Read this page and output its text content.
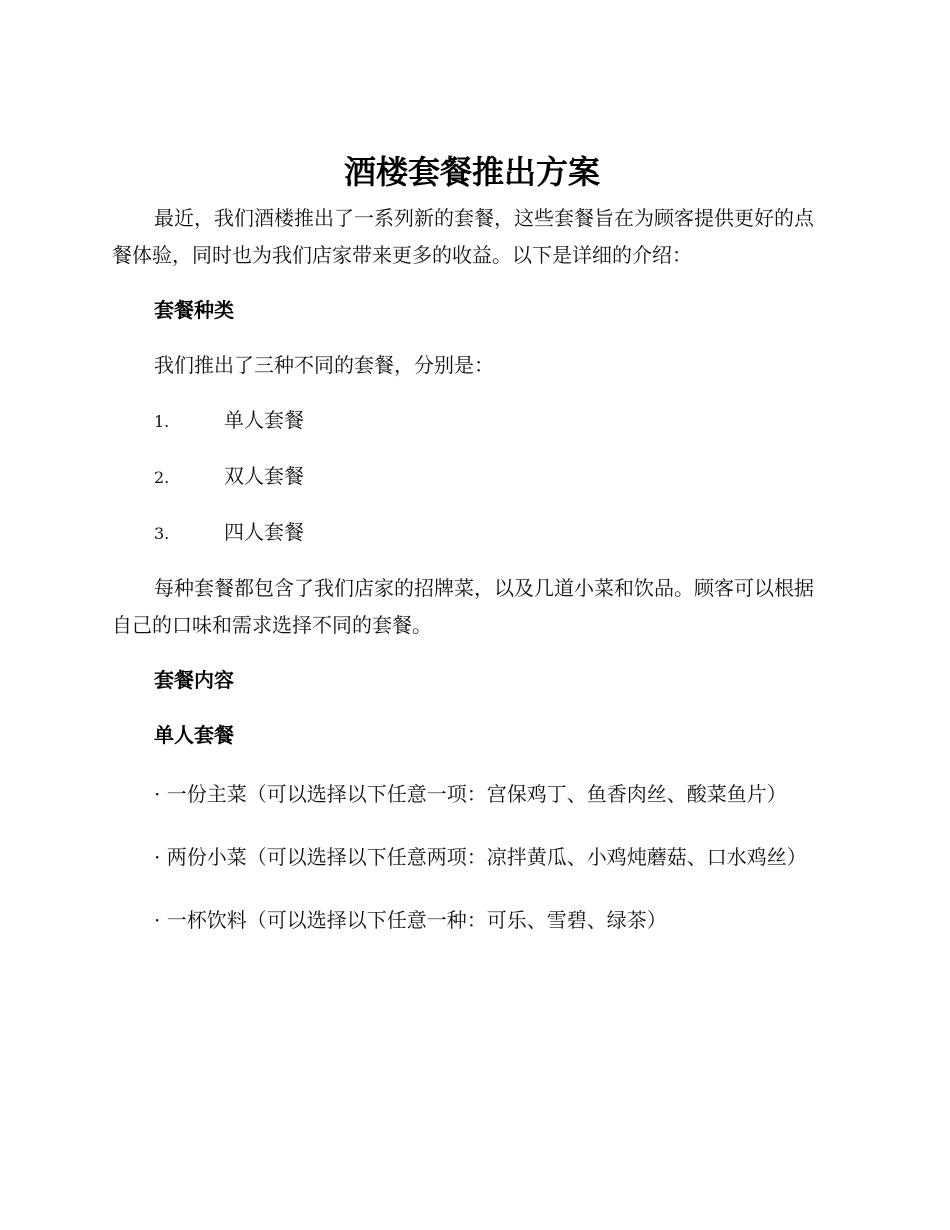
酒楼套餐推出方案

最近，我们酒楼推出了一系列新的套餐，这些套餐旨在为顾客提供更好的点餐体验，同时也为我们店家带来更多的收益。以下是详细的介绍：

套餐种类

我们推出了三种不同的套餐，分别是：

1.	单人套餐
2.	双人套餐
3.	四人套餐

每种套餐都包含了我们店家的招牌菜，以及几道小菜和饮品。顾客可以根据自己的口味和需求选择不同的套餐。

套餐内容
单人套餐

· 一份主菜（可以选择以下任意一项：宫保鸡丁、鱼香肉丝、酸菜鱼片）

· 两份小菜（可以选择以下任意两项：凉拌黄瓜、小鸡炖蘑菇、口水鸡丝）

· 一杯饮料（可以选择以下任意一种：可乐、雪碧、绿茶）
